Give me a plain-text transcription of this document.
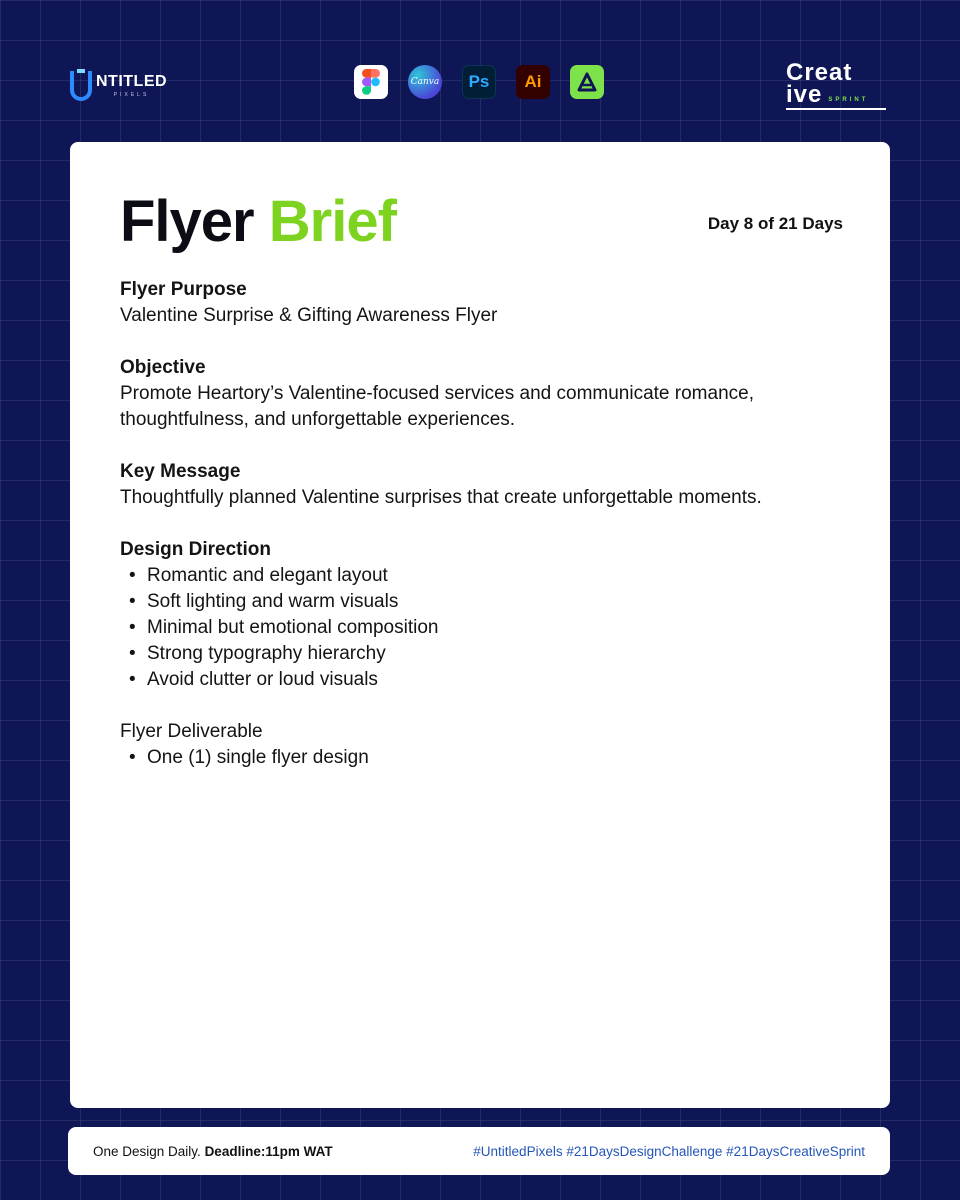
NTITLED
PIXELS
Canva	Ps	Ai	Creat
ive SPRINT
Flyer Brief	Day 8 of 21 Days
Flyer Purpose
Valentine Surprise & Gifting Awareness Flyer
Objective
Promote Heartory’s Valentine-focused services and communicate romance, thoughtfulness, and unforgettable experiences.
Key Message
Thoughtfully planned Valentine surprises that create unforgettable moments.
Design Direction
• Romantic and elegant layout
• Soft lighting and warm visuals
• Minimal but emotional composition
• Strong typography hierarchy
• Avoid clutter or loud visuals
Flyer Deliverable
• One (1) single flyer design
One Design Daily. Deadline:11pm WAT	#UntitledPixels #21DaysDesignChallenge #21DaysCreativeSprint
